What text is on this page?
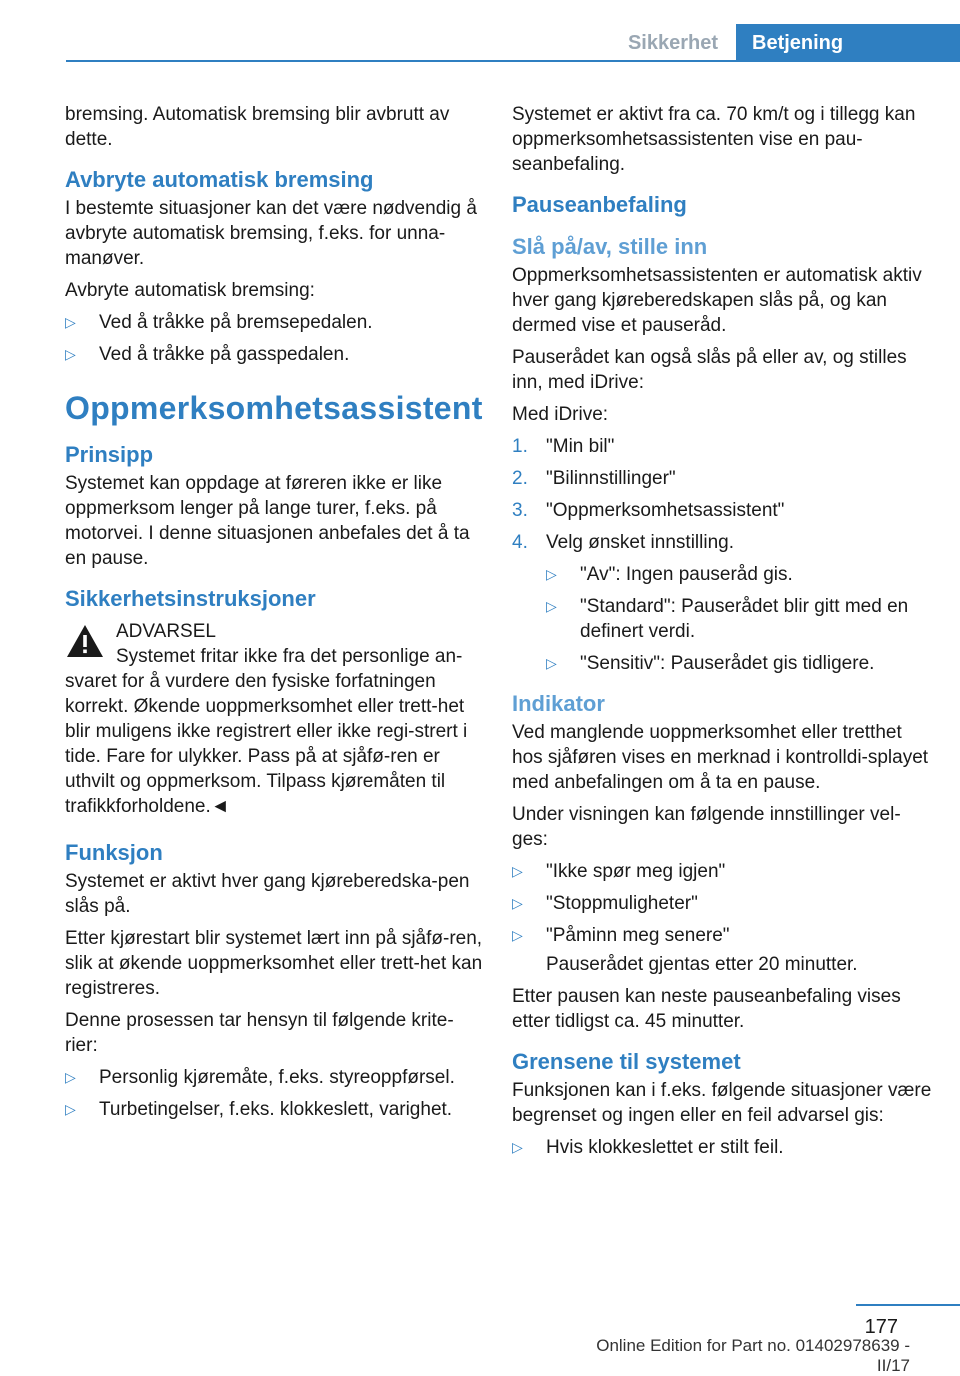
Sikkerhet	Betjening

bremsing. Automatisk bremsing blir avbrutt av dette.

Avbryte automatisk bremsing

I bestemte situasjoner kan det være nødvendig å avbryte automatisk bremsing, f.eks. for unna‐manøver.

Avbryte automatisk bremsing:

▷ Ved å tråkke på bremsepedalen.
▷ Ved å tråkke på gasspedalen.
Oppmerksomhetsassistent
Prinsipp

Systemet kan oppdage at føreren ikke er like oppmerksom lenger på lange turer, f.eks. på motorvei. I denne situasjonen anbefales det å ta en pause.

Sikkerhetsinstruksjoner
ADVARSEL
Systemet fritar ikke fra det personlige an‐
svaret for å vurdere den fysiske forfatningen korrekt. Økende uoppmerksomhet eller trett‐het blir muligens ikke registrert eller ikke regi‐strert i tide. Fare for ulykker. Pass på at sjåfø‐ren er uthvilt og oppmerksom. Tilpass kjøremåten til trafikkforholdene.◄
Funksjon

Systemet er aktivt hver gang kjøreberedska‐pen slås på.

Etter kjørestart blir systemet lært inn på sjåfø‐ren, slik at økende uoppmerksomhet eller trett‐het kan registreres.

Denne prosessen tar hensyn til følgende krite‐rier:

▷ Personlig kjøremåte, f.eks. styreoppførsel.
▷ Turbetingelser, f.eks. klokkeslett, varighet.

Systemet er aktivt fra ca. 70 km/t og i tillegg kan oppmerksomhetsassistenten vise en pau‐seanbefaling.

Pauseanbefaling
Slå på/av, stille inn

Oppmerksomhetsassistenten er automatisk aktiv hver gang kjøreberedskapen slås på, og kan dermed vise et pauseråd.

Pauserådet kan også slås på eller av, og stilles inn, med iDrive:

Med iDrive:

1. "Min bil"
2. "Bilinnstillinger"
3. "Oppmerksomhetsassistent"
4. Velg ønsket innstilling.
▷ "Av": Ingen pauseråd gis.
▷ "Standard": Pauserådet blir gitt med en definert verdi.
▷ "Sensitiv": Pauserådet gis tidligere.
Indikator

Ved manglende uoppmerksomhet eller tretthet hos sjåføren vises en merknad i kontrolldi‐splayet med anbefalingen om å ta en pause.

Under visningen kan følgende innstillinger vel‐ges:

▷ "Ikke spør meg igjen"
▷ "Stoppmuligheter"
▷ "Påminn meg senere"
Pauserådet gjentas etter 20 minutter.

Etter pausen kan neste pauseanbefaling vises etter tidligst ca. 45 minutter.

Grensene til systemet

Funksjonen kan i f.eks. følgende situasjoner være begrenset og ingen eller en feil advarsel gis:

▷ Hvis klokkeslettet er stilt feil.
177
Online Edition for Part no. 01402978639 - II/17
